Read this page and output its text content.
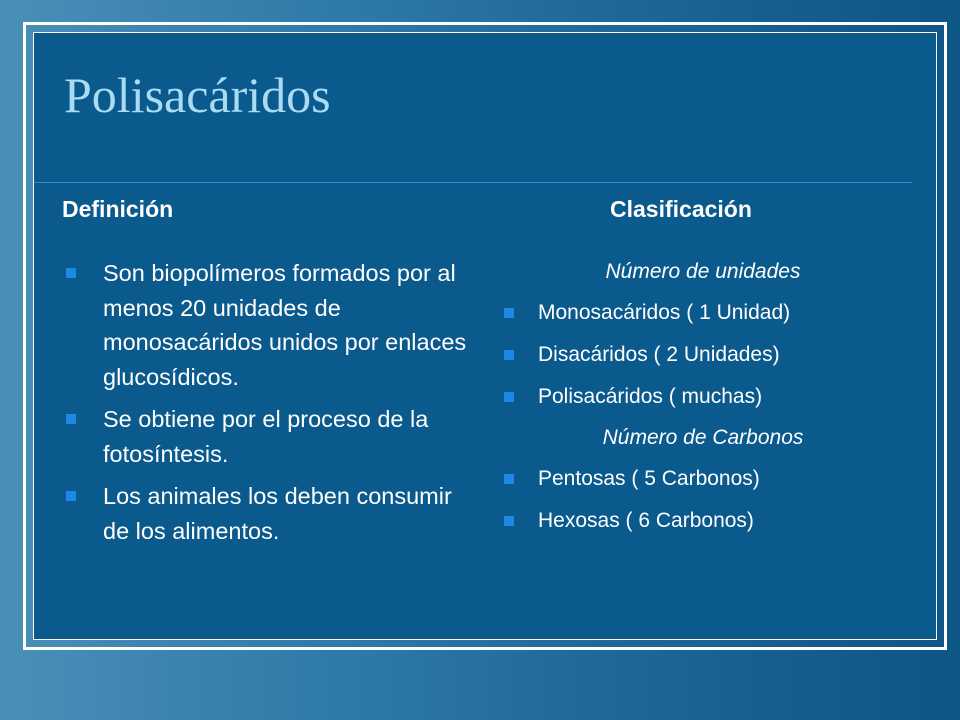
Polisacáridos
Definición	Clasificación
Son biopolímeros formados por al menos 20 unidades de monosacáridos unidos por enlaces glucosídicos.
Se obtiene por el proceso de la fotosíntesis.
Los animales los deben consumir de los alimentos.
Número de unidades
Monosacáridos ( 1 Unidad)
Disacáridos ( 2 Unidades)
Polisacáridos ( muchas)
Número de Carbonos
Pentosas ( 5 Carbonos)
Hexosas ( 6 Carbonos)
